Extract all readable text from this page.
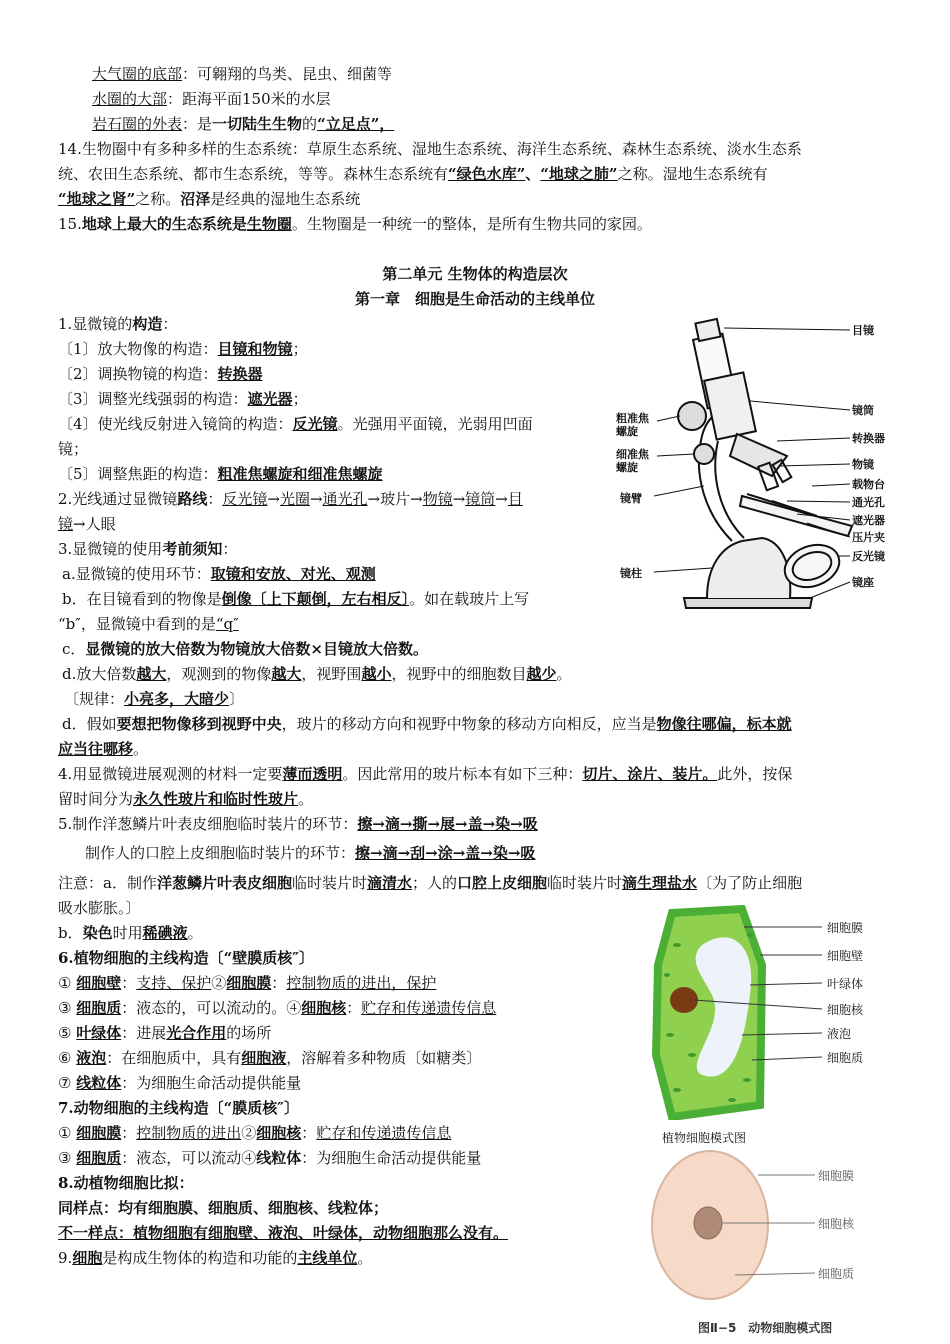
大气圈的底部：可翱翔的鸟类、昆虫、细菌等
水圈的大部：距海平面150米的水层
岩石圈的外表：是一切陆生生物的“立足点”，
14.生物圈中有多种多样的生态系统：草原生态系统、湿地生态系统、海洋生态系统、森林生态系统、淡水生态系
统、农田生态系统、都市生态系统，等等。森林生态系统有“绿色水库”、“地球之肺”之称。湿地生态系统有
“地球之肾”之称。沼泽是经典的湿地生态系统
15.地球上最大的生态系统是生物圈。生物圈是一种统一的整体，是所有生物共同的家园。
第二单元 生物体的构造层次
第一章　细胞是生命活动的主线单位
1.显微镜的构造：
〔1〕放大物像的构造：目镜和物镜；
〔2〕调换物镜的构造：转换器
〔3〕调整光线强弱的构造：遮光器；
〔4〕使光线反射进入镜筒的构造：反光镜。光强用平面镜，光弱用凹面
镜；
〔5〕调整焦距的构造：粗准焦螺旋和细准焦螺旋
2.光线通过显微镜路线：反光镜→光圈→通光孔→玻片→物镜→镜筒→目
镜→人眼
3.显微镜的使用考前须知：
a.显微镜的使用环节：取镜和安放、对光、观测
b．在目镜看到的物像是倒像〔上下颠倒，左右相反〕。如在载玻片上写
“b″，显微镜中看到的是“q″
c．显微镜的放大倍数为物镜放大倍数×目镜放大倍数。
d.放大倍数越大，观测到的物像越大，视野围越小，视野中的细胞数目越少。
〔规律：小亮多，大暗少〕
d．假如要想把物像移到视野中央，玻片的移动方向和视野中物象的移动方向相反，应当是物像往哪偏，标本就
应当往哪移。
4.用显微镜进展观测的材料一定要薄而透明。因此常用的玻片标本有如下三种：切片、涂片、装片。此外，按保
留时间分为永久性玻片和临时性玻片。
5.制作洋葱鳞片叶表皮细胞临时装片的环节：擦→滴→撕→展→盖→染→吸
制作人的口腔上皮细胞临时装片的环节：擦→滴→刮→涂→盖→染→吸
注意：a．制作洋葱鳞片叶表皮细胞临时装片时滴清水；人的口腔上皮细胞临时装片时滴生理盐水〔为了防止细胞
吸水膨胀。〕
b．染色时用稀碘液。
6.植物细胞的主线构造〔“壁膜质核″〕
① 细胞壁：支持、保护②细胞膜：控制物质的进出，保护
③ 细胞质：液态的，可以流动的。④细胞核：贮存和传递遗传信息
⑤ 叶绿体：进展光合作用的场所
⑥ 液泡：在细胞质中，具有细胞液，溶解着多种物质〔如糖类〕
⑦ 线粒体：为细胞生命活动提供能量
7.动物细胞的主线构造〔“膜质核″〕
① 细胞膜：控制物质的进出②细胞核：贮存和传递遗传信息
③ 细胞质：液态，可以流动④线粒体：为细胞生命活动提供能量
8.动植物细胞比拟：
同样点：均有细胞膜、细胞质、细胞核、线粒体；
不一样点：植物细胞有细胞壁、液泡、叶绿体，动物细胞那么没有。
9.细胞是构成生物体的构造和功能的主线单位。
目镜
镜筒
转换器
物镜
载物台
通光孔
遮光器
压片夹
反光镜
镜座
粗准焦螺旋
细准焦螺旋
镜臂
镜柱
细胞膜
细胞壁
叶绿体
细胞核
液泡
细胞质
植物细胞模式图
细胞膜
细胞核
细胞质
图Ⅱ−5　动物细胞模式图
